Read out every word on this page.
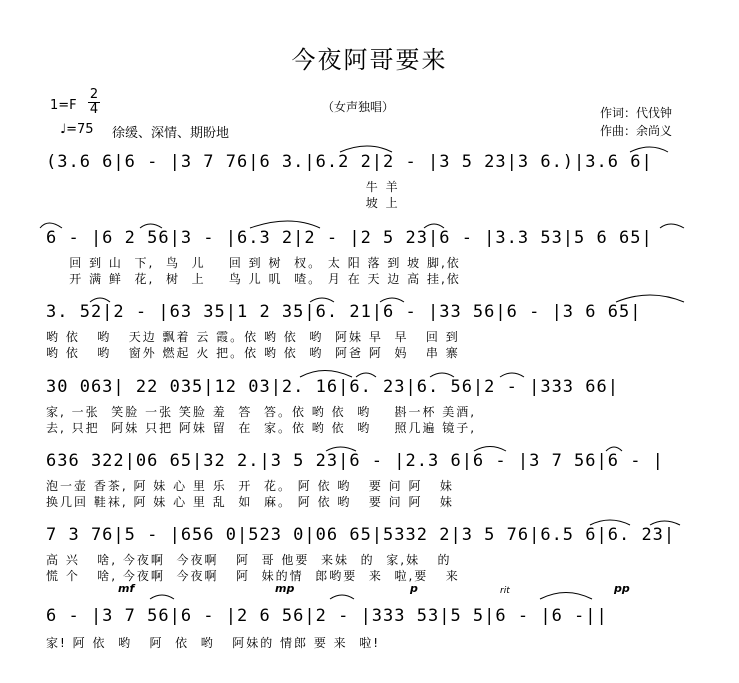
今夜阿哥要来
（女声独唱）
1=F
2
4
♩=75 徐缓、深情、期盼地
作词：代伐钟
作曲：余尚义
(3.6 6|6 - |3 7 76|6 3.|6.2 2|2 - |3 5 23|3 6.)|3.6 6|
牛 羊
坡 上
6 - |6 2 56|3 - |6.3 2|2 - |2 5 23|6 - |3.3 53|5 6 65|
回 到 山  下,  鸟  儿    回 到 树  杈。 太 阳 落 到 坡 脚,依
开 满 鲜  花,  树  上    鸟 儿 叽  喳。 月 在 天 边 高 挂,依
3. 52|2 - |63 35|1 2 35|6. 21|6 - |33 56|6 - |3 6 65|
哟 依   哟   天边 飘着 云 霞。依 哟 依  哟  阿妹 早  早   回 到
哟 依   哟   窗外 燃起 火 把。依 哟 依  哟  阿爸 阿  妈   串 寨
30 063| 22 035|12 03|2. 16|6. 23|6. 56|2 - |333 66|
家, 一张  笑脸 一张 笑脸 羞  答  答。依 哟 依  哟    斟一杯 美酒,
去, 只把  阿妹 只把 阿妹 留  在  家。依 哟 依  哟    照几遍 镜子,
636 322|06 65|32 2.|3 5 23|6 - |2.3 6|6 - |3 7 56|6 - |
泡一壶 香茶, 阿 妹 心 里 乐  开  花。 阿 依 哟   要 问 阿   妹
换几回 鞋袜, 阿 妹 心 里 乱  如  麻。 阿 依 哟   要 问 阿   妹
7 3 76|5 - |656 0|523 0|06 65|5332 2|3 5 76|6.5 6|6. 23|
高 兴   啥, 今夜啊  今夜啊   阿  哥 他要  来妹  的  家,妹   的
慌 个   啥, 今夜啊  今夜啊   阿  妹的情  郎哟要  来  啦,要   来
mf	mp	p	rit	pp
6 - |3 7 56|6 - |2 6 56|2 - |333 53|5 5|6 - |6 -||
家! 阿 依  哟   阿  依  哟   阿妹的 情郎 要 来  啦!
